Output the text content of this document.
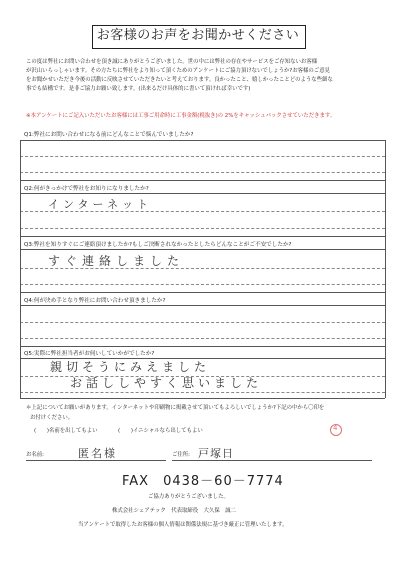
お客様のお声をお聞かせください

この度は弊社にお問い合わせを頂き誠にありがとうございました。世の中には弊社の存在やサービスをご存知ないお客様

が沢山いらっしゃいます。その方たちに弊社をより知って頂くためのアンケートにご協力頂けないでしょうか?お客様のご意見

をお聞かせいただき今後の活動に反映させていただきたいと考えております。良かったこと、嬉しかったことどのような些細な

事でも結構です。是非ご協力お願い致します。(出来るだけ具体的に書いて頂ければ幸いです)

※本アンケートにご記入いただいたお客様には工事ご用命時に工事金額(税抜き)の 2%をキャッシュバックさせていただきます。
Q1:弊社にお問い合わせになる前にどんなことで悩んでいましたか?
Q2:何がきっかけで弊社をお知りになりましたか?
インターネット
Q3:弊社を知りすぐにご連絡頂けましたか?もしご決断されなかったとしたらどんなことがご不安でしたか?
すぐ連絡しました
Q4:何が決め手となり弊社にお問い合わせ頂きましたか?
Q5:実際に弊社担当者がお伺いしていかがでしたか?
親切そうにみえました
お話ししやすく思いました
＊上記についてお願いがあります。インターネットや印刷物に掲載させて頂いてもよろしいでしょうか?下記の中から〇印を
お付けください。
(　　)名前を出してもよい	(　　)イニシャルなら出してもよい	4
お名前:	匿名様	ご住所: 戸塚日
FAX　0438－60－7774
ご協力ありがとうございました。
株式会社シェアテック　代表取締役　大久保　誠二
当アンケートで取得したお客様の個人情報は関係法規に基づき厳正に管理いたします。
